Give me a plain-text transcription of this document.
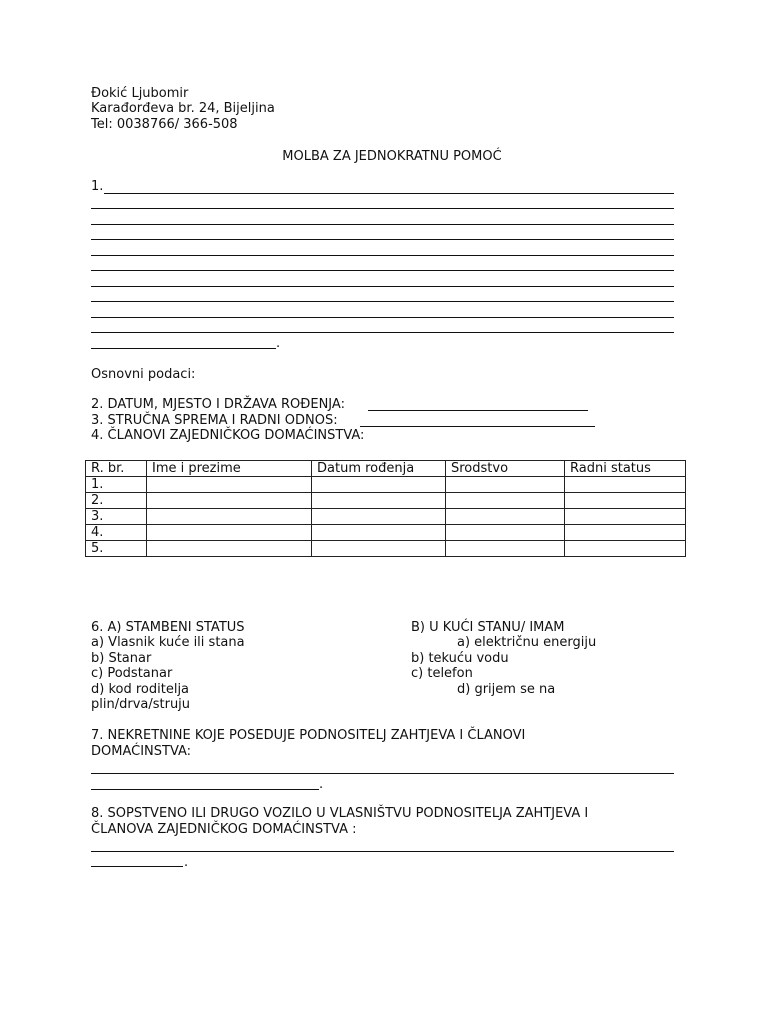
Đokić Ljubomir
Karađorđeva br. 24, Bijeljina
Tel: 0038766/ 366-508
MOLBA ZA JEDNOKRATNU POMOĆ
1.
.
Osnovni podaci:
2. DATUM, MJESTO I DRŽAVA ROĐENJA:
3. STRUČNA SPREMA I RADNI ODNOS:
4. ČLANOVI ZAJEDNIČKOG DOMAĆINSTVA:
R. br.	Ime i prezime	Datum rođenja	Srodstvo	Radni status
1.				
2.				
3.				
4.				
5.				
6. A) STAMBENI STATUS
a) Vlasnik kuće ili stana
b) Stanar
c) Podstanar
d) kod roditelja
plin/drva/struju
B) U KUĆI STANU/ IMAM
a) električnu energiju
b) tekuću vodu
c) telefon
d) grijem se na
7. NEKRETNINE KOJE POSEDUJE PODNOSITELJ ZAHTJEVA I ČLANOVI
DOMAĆINSTVA:
.
8. SOPSTVENO ILI DRUGO VOZILO U VLASNIŠTVU PODNOSITELJA ZAHTJEVA I
ČLANOVA ZAJEDNIČKOG DOMAĆINSTVA :
.
